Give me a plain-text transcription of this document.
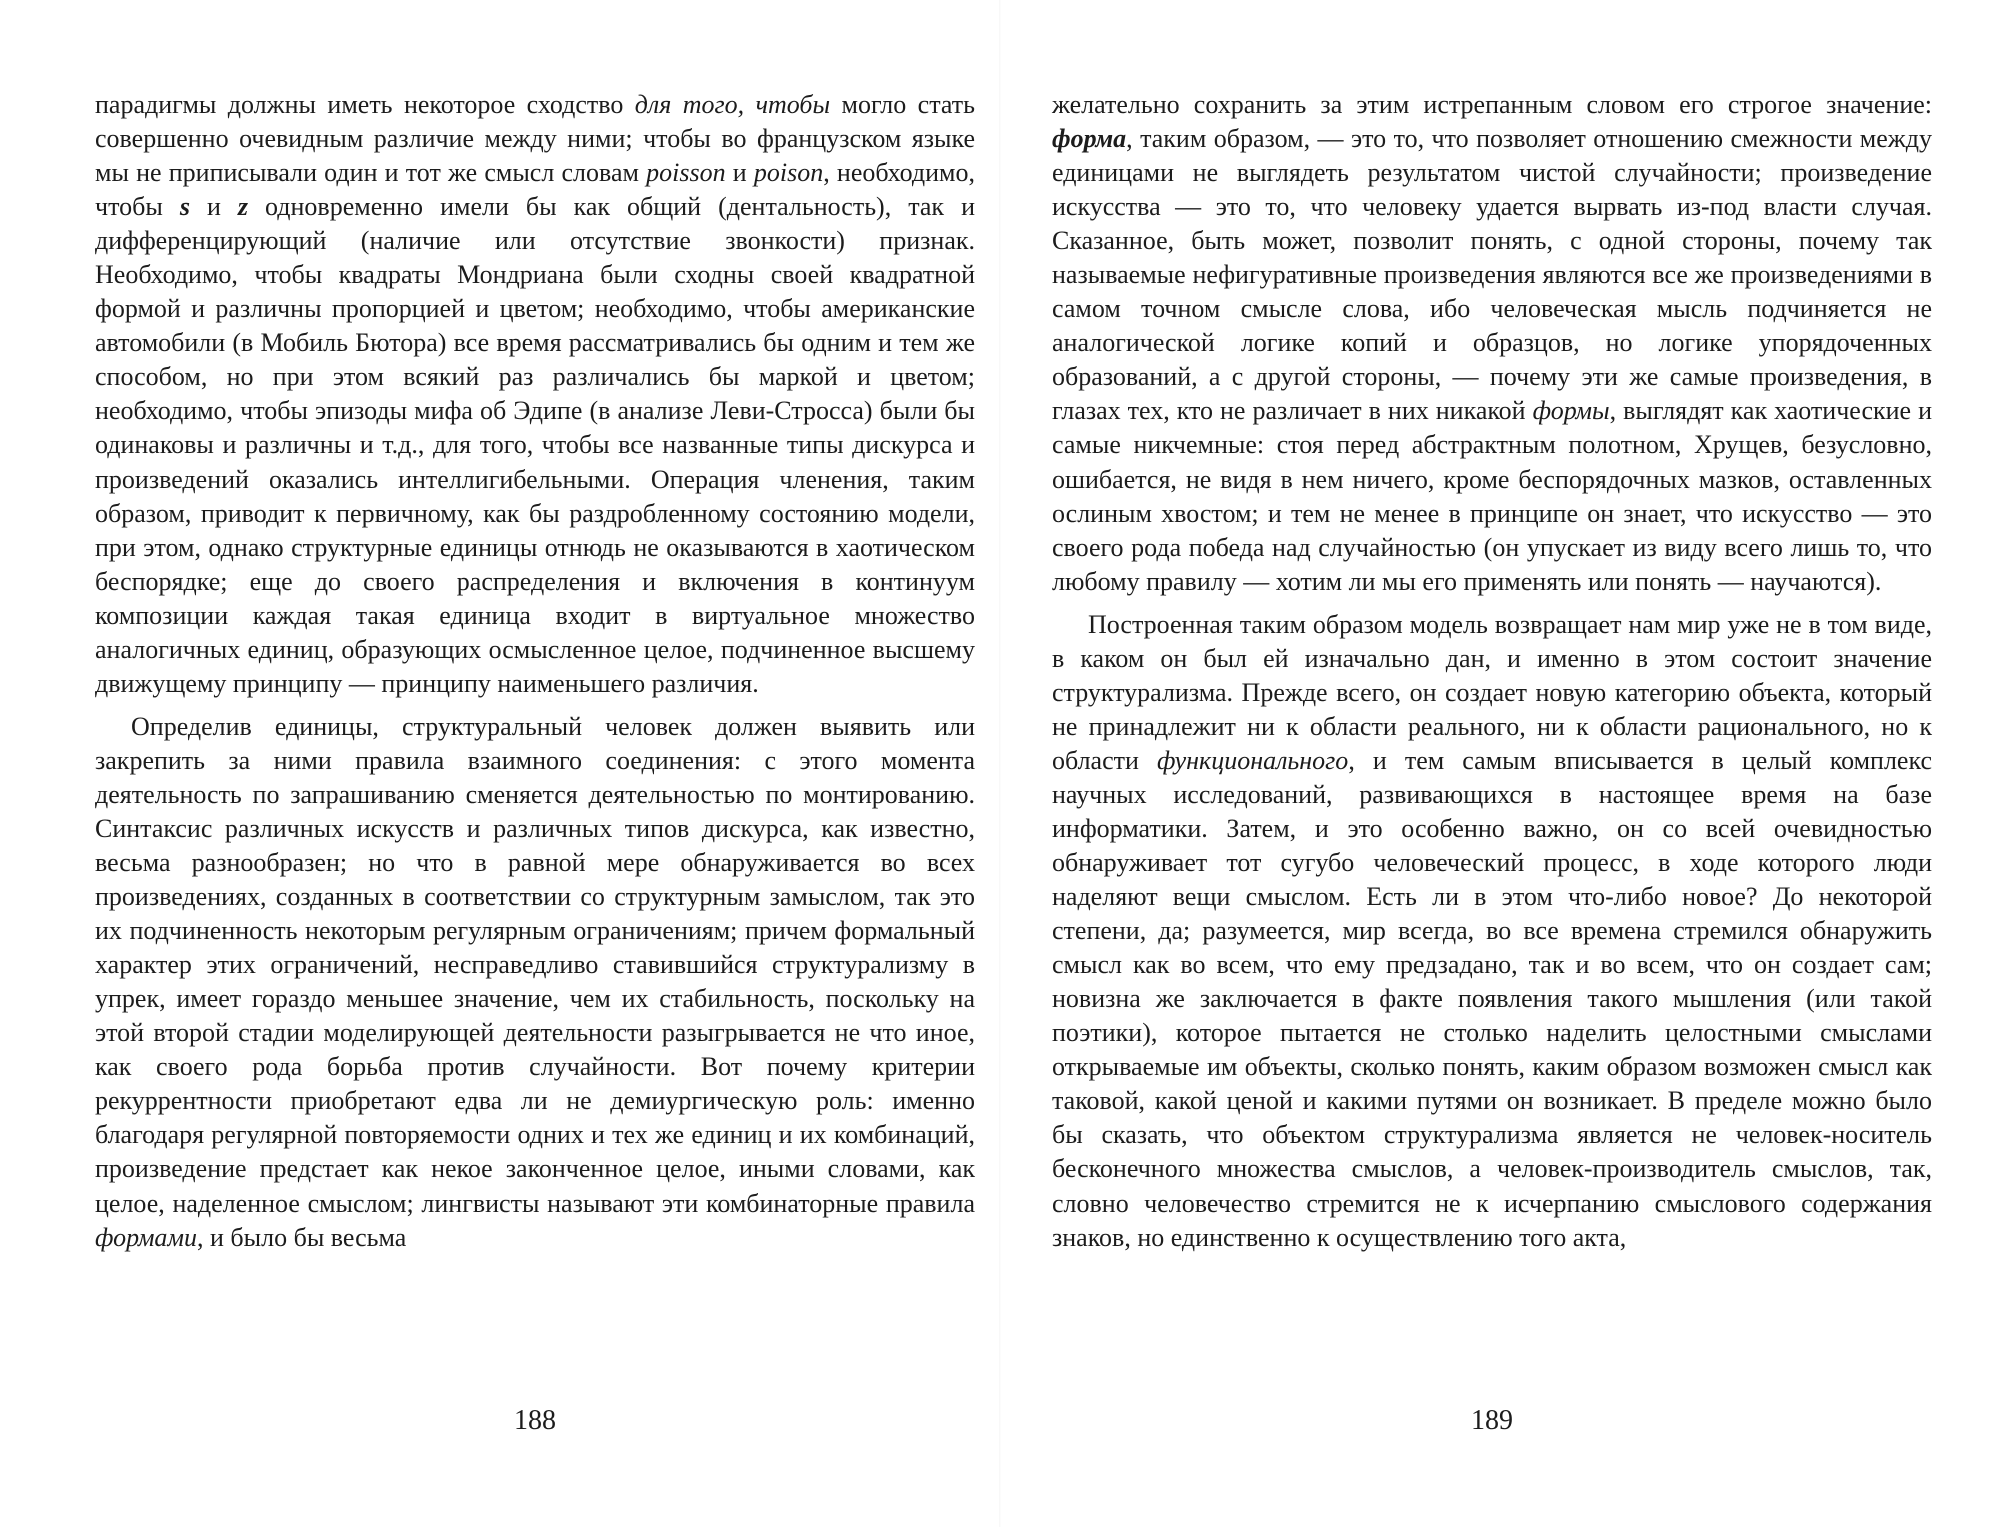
парадигмы должны иметь некоторое сходство для того, чтобы могло стать совершенно очевидным различие между ними; чтобы во французском языке мы не приписывали один и тот же смысл словам poisson и poison, необходимо, чтобы s и z одновременно имели бы как общий (дентальность), так и дифференцирующий (наличие или отсутствие звонкости) признак. Необходимо, чтобы квадраты Мондриана были сходны своей квадратной формой и различны пропорцией и цветом; необходимо, чтобы американские автомобили (в Мобиль Бютора) все время рассматривались бы одним и тем же способом, но при этом всякий раз различались бы маркой и цветом; необходимо, чтобы эпизоды мифа об Эдипе (в анализе Леви-Строcса) были бы одинаковы и различны и т.д., для того, чтобы все названные типы дискурса и произведений оказались интеллигибельными. Операция членения, таким образом, приводит к первичному, как бы раздробленному состоянию модели, при этом, однако структурные единицы отнюдь не оказываются в хаотическом беспорядке; еще до своего распределения и включения в континуум композиции каждая такая единица входит в виртуальное множество аналогичных единиц, образующих осмысленное целое, подчиненное высшему движущему принципу — принципу наименьшего различия.

Определив единицы, структуральный человек должен выявить или закрепить за ними правила взаимного соединения: с этого момента деятельность по запрашиванию сменяется деятельностью по монтированию. Синтаксис различных искусств и различных типов дискурса, как известно, весьма разнообразен; но что в равной мере обнаруживается во всех произведениях, созданных в соответствии со структурным замыслом, так это их подчиненность некоторым регулярным ограничениям; причем формальный характер этих ограничений, несправедливо ставившийся структурализму в упрек, имеет гораздо меньшее значение, чем их стабильность, поскольку на этой второй стадии моделирующей деятельности разыгрывается не что иное, как своего рода борьба против случайности. Вот почему критерии рекуррентности приобретают едва ли не демиургическую роль: именно благодаря регулярной повторяемости одних и тех же единиц и их комбинаций, произведение предстает как некое законченное целое, иными словами, как целое, наделенное смыслом; лингвисты называют эти комбинаторные правила формами, и было бы весьма

188

желательно сохранить за этим истрепанным словом его строгое значение: форма, таким образом, — это то, что позволяет отношению смежности между единицами не выглядеть результатом чистой случайности; произведение искусства — это то, что человеку удается вырвать из-под власти случая. Сказанное, быть может, позволит понять, с одной стороны, почему так называемые нефигуративные произведения являются все же произведениями в самом точном смысле слова, ибо человеческая мысль подчиняется не аналогической логике копий и образцов, но логике упорядоченных образований, а с другой стороны, — почему эти же самые произведения, в глазах тех, кто не различает в них никакой формы, выглядят как хаотические и самые никчемные: стоя перед абстрактным полотном, Хрущев, безусловно, ошибается, не видя в нем ничего, кроме беспорядочных мазков, оставленных ослиным хвостом; и тем не менее в принципе он знает, что искусство — это своего рода победа над случайностью (он упускает из виду всего лишь то, что любому правилу — хотим ли мы его применять или понять — научаются).

Построенная таким образом модель возвращает нам мир уже не в том виде, в каком он был ей изначально дан, и именно в этом состоит значение структурализма. Прежде всего, он создает новую категорию объекта, который не принадлежит ни к области реального, ни к области рационального, но к области функционального, и тем самым вписывается в целый комплекс научных исследований, развивающихся в настоящее время на базе информатики. Затем, и это особенно важно, он со всей очевидностью обнаруживает тот сугубо человеческий процесс, в ходе которого люди наделяют вещи смыслом. Есть ли в этом что-либо новое? До некоторой степени, да; разумеется, мир всегда, во все времена стремился обнаружить смысл как во всем, что ему предзадано, так и во всем, что он создает сам; новизна же заключается в факте появления такого мышления (или такой поэтики), которое пытается не столько наделить целостными смыслами открываемые им объекты, сколько понять, каким образом возможен смысл как таковой, какой ценой и какими путями он возникает. В пределе можно было бы сказать, что объектом структурализма является не человек-носитель бесконечного множества смыслов, а человек-производитель смыслов, так, словно человечество стремится не к исчерпанию смыслового содержания знаков, но единственно к осуществлению того акта,

189
